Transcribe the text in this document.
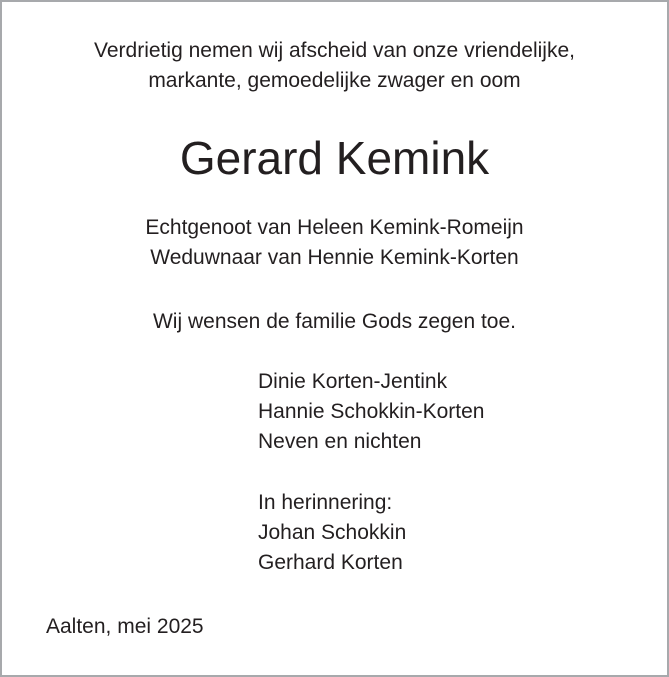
Verdrietig nemen wij afscheid van onze vriendelijke,
markante, gemoedelijke zwager en oom
Gerard Kemink
Echtgenoot van Heleen Kemink-Romeijn
Weduwnaar van Hennie Kemink-Korten
Wij wensen de familie Gods zegen toe.
Dinie Korten-Jentink
Hannie Schokkin-Korten
Neven en nichten
In herinnering:
Johan Schokkin
Gerhard Korten
Aalten, mei 2025
